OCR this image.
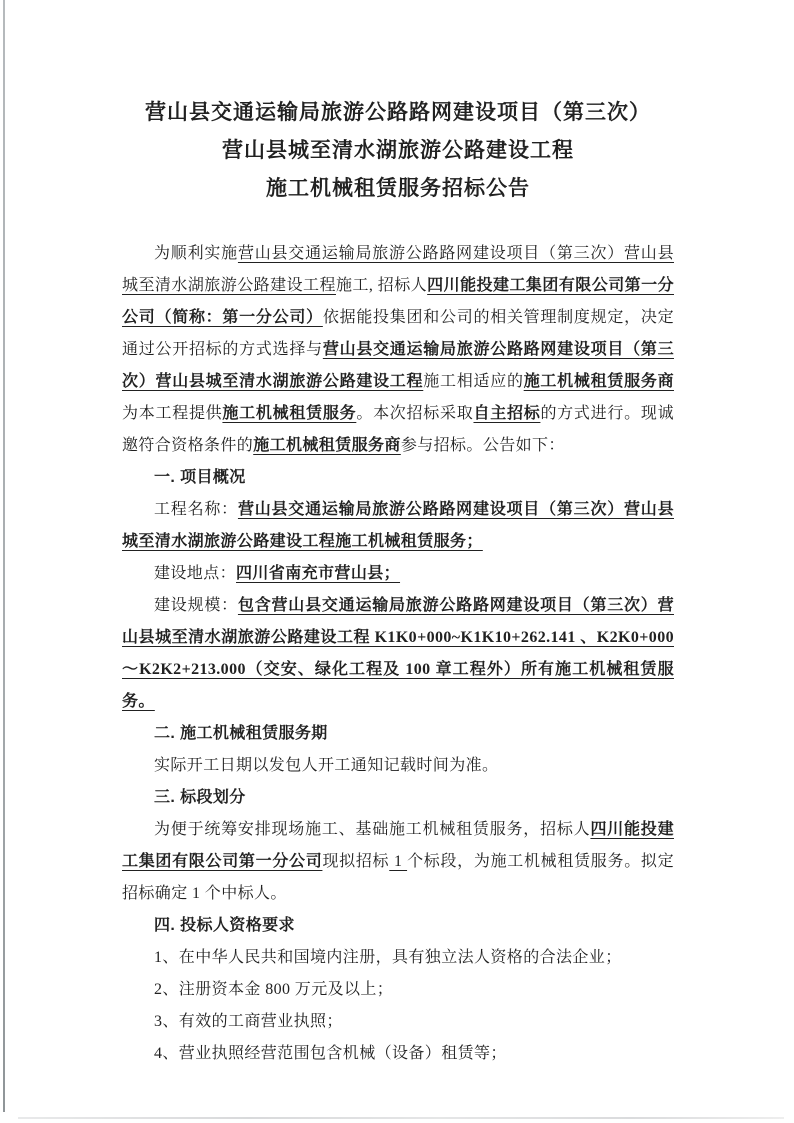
营山县交通运输局旅游公路路网建设项目（第三次）
营山县城至清水湖旅游公路建设工程
施工机械租赁服务招标公告

为顺利实施营山县交通运输局旅游公路路网建设项目（第三次）营山县城至清水湖旅游公路建设工程施工, 招标人四川能投建工集团有限公司第一分公司（简称：第一分公司）依据能投集团和公司的相关管理制度规定，决定通过公开招标的方式选择与营山县交通运输局旅游公路路网建设项目（第三次）营山县城至清水湖旅游公路建设工程施工相适应的施工机械租赁服务商为本工程提供施工机械租赁服务。本次招标采取自主招标的方式进行。现诚邀符合资格条件的施工机械租赁服务商参与招标。公告如下：

一. 项目概况

工程名称：营山县交通运输局旅游公路路网建设项目（第三次）营山县城至清水湖旅游公路建设工程施工机械租赁服务；

建设地点：四川省南充市营山县；

建设规模：包含营山县交通运输局旅游公路路网建设项目（第三次）营山县城至清水湖旅游公路建设工程 K1K0+000~K1K10+262.141 、K2K0+000～K2K2+213.000（交安、绿化工程及 100 章工程外）所有施工机械租赁服务。

二. 施工机械租赁服务期

实际开工日期以发包人开工通知记载时间为准。

三. 标段划分

为便于统筹安排现场施工、基础施工机械租赁服务，招标人四川能投建工集团有限公司第一分公司现拟招标 1 个标段，为施工机械租赁服务。拟定招标确定 1 个中标人。

四. 投标人资格要求

1、在中华人民共和国境内注册，具有独立法人资格的合法企业；

2、注册资本金 800 万元及以上；

3、有效的工商营业执照；

4、营业执照经营范围包含机械（设备）租赁等；
